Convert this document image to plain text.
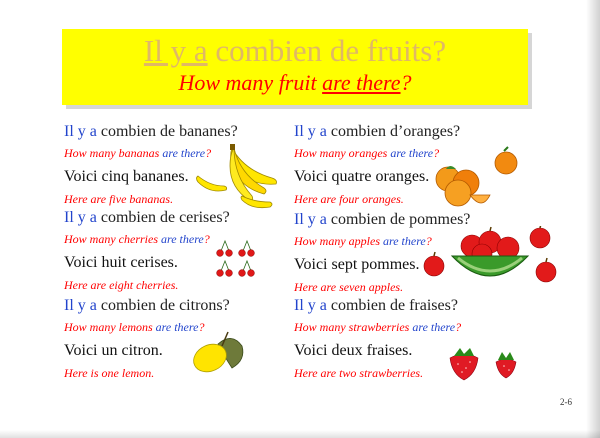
Il y a combien de fruits?
How many fruit are there?
Il y a combien de bananes?
How many bananas are there?
Voici cinq bananes.
Here are five bananas.
Il y a combien d’oranges?
How many oranges are there?
Voici quatre oranges.
Here are four oranges.
Il y a combien de cerises?
How many cherries are there?
Voici huit cerises.
Here are eight cherries.
Il y a combien de pommes?
How many apples are there?
Voici sept pommes.
Here are seven apples.
Il y a combien de citrons?
How many lemons are there?
Voici un citron.
Here is one lemon.
Il y a combien de fraises?
How many strawberries are there?
Voici deux fraises.
Here are two strawberries.
2-6
